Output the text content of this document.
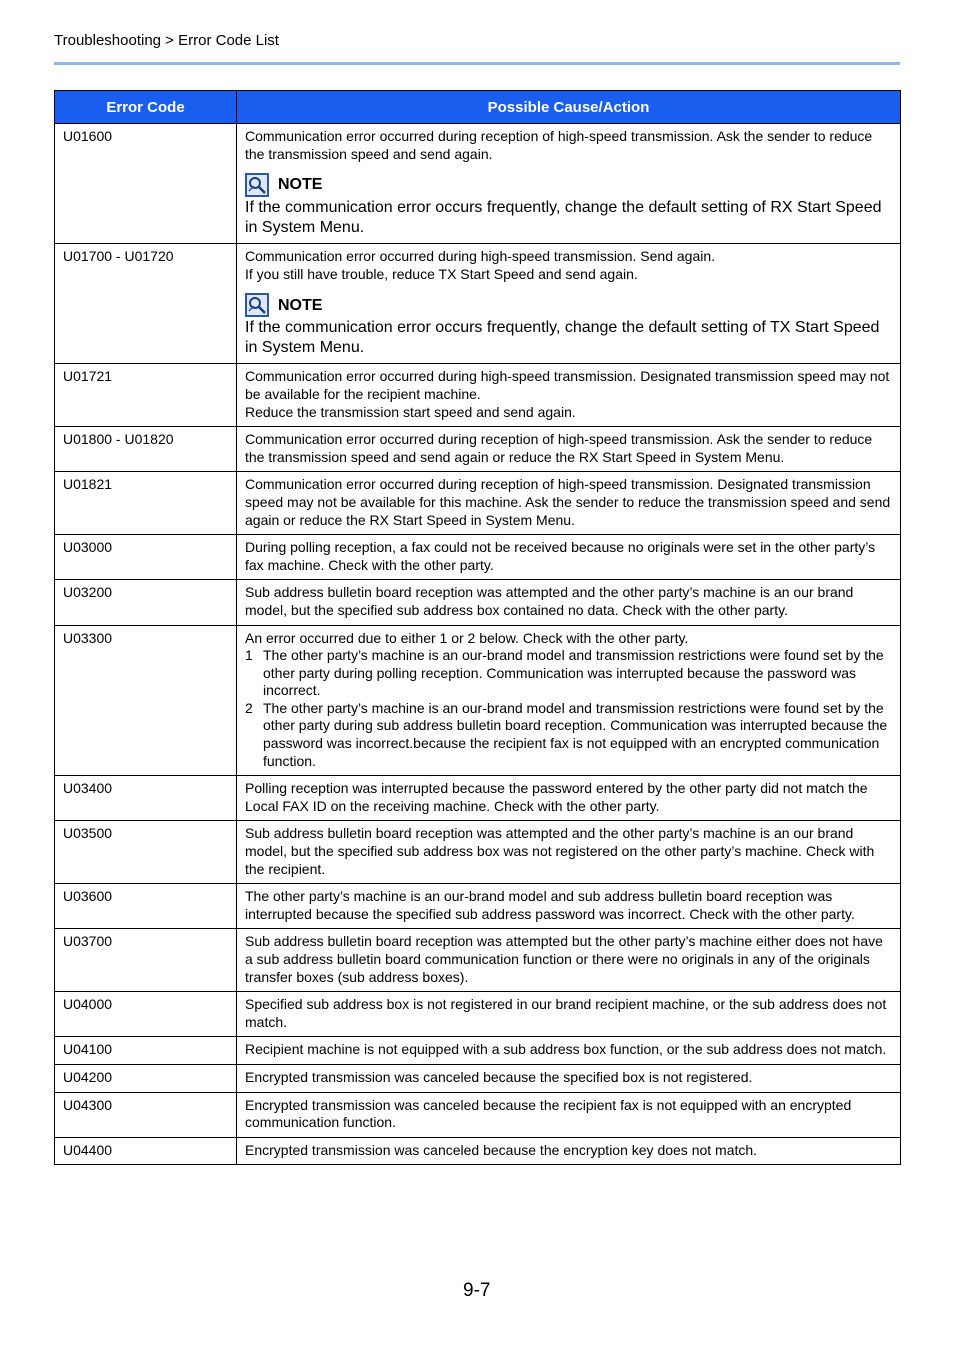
Troubleshooting > Error Code List
Error Code	Possible Cause/Action
U01600	Communication error occurred during reception of high-speed transmission. Ask the sender to reduce the transmission speed and send again.
NOTE
If the communication error occurs frequently, change the default setting of RX Start Speed in System Menu.

U01700 - U01720	Communication error occurred during high-speed transmission. Send again.
If you still have trouble, reduce TX Start Speed and send again.
NOTE
If the communication error occurs frequently, change the default setting of TX Start Speed in System Menu.

U01721	Communication error occurred during high-speed transmission. Designated transmission speed may not be available for the recipient machine.
Reduce the transmission start speed and send again.

U01800 - U01820	Communication error occurred during reception of high-speed transmission. Ask the sender to reduce the transmission speed and send again or reduce the RX Start Speed in System Menu.

U01821	Communication error occurred during reception of high-speed transmission. Designated transmission speed may not be available for this machine. Ask the sender to reduce the transmission speed and send again or reduce the RX Start Speed in System Menu.

U03000	During polling reception, a fax could not be received because no originals were set in the other party’s fax machine. Check with the other party.

U03200	Sub address bulletin board reception was attempted and the other party’s machine is an our brand model, but the specified sub address box contained no data. Check with the other party.

U03300	An error occurred due to either 1 or 2 below. Check with the other party.
1 The other party’s machine is an our-brand model and transmission restrictions were found set by the other party during polling reception. Communication was interrupted because the password was incorrect.
2 The other party’s machine is an our-brand model and transmission restrictions were found set by the other party during sub address bulletin board reception. Communication was interrupted because the password was incorrect.because the recipient fax is not equipped with an encrypted communication function.

U03400	Polling reception was interrupted because the password entered by the other party did not match the Local FAX ID on the receiving machine. Check with the other party.

U03500	Sub address bulletin board reception was attempted and the other party’s machine is an our brand model, but the specified sub address box was not registered on the other party’s machine. Check with the recipient.

U03600	The other party’s machine is an our-brand model and sub address bulletin board reception was interrupted because the specified sub address password was incorrect. Check with the other party.

U03700	Sub address bulletin board reception was attempted but the other party’s machine either does not have a sub address bulletin board communication function or there were no originals in any of the originals transfer boxes (sub address boxes).

U04000	Specified sub address box is not registered in our brand recipient machine, or the sub address does not match.

U04100	Recipient machine is not equipped with a sub address box function, or the sub address does not match.

U04200	Encrypted transmission was canceled because the specified box is not registered.

U04300	Encrypted transmission was canceled because the recipient fax is not equipped with an encrypted communication function.

U04400	Encrypted transmission was canceled because the encryption key does not match.
9-7
